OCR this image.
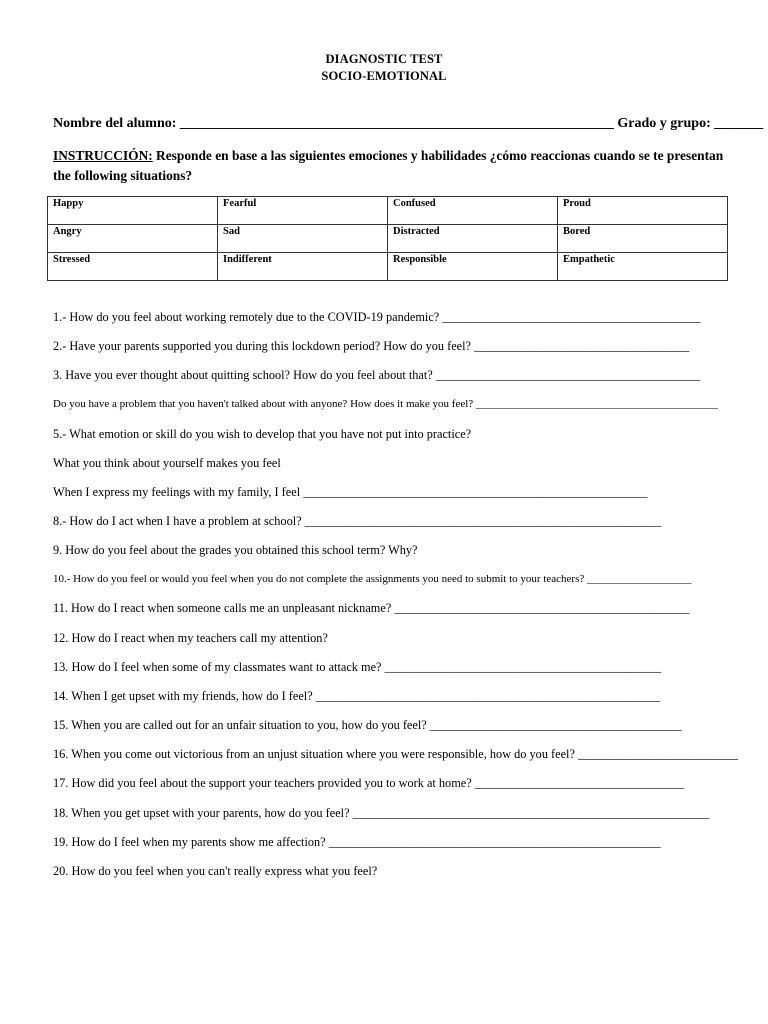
DIAGNOSTIC TEST
SOCIO-EMOTIONAL
Nombre del alumno: ______________________________________________________________ Grado y grupo: _______
INSTRUCCIÓN: Responde en base a las siguientes emociones y habilidades ¿cómo reaccionas cuando se te presentan the following situations?
Happy	Fearful	Confused	Proud
Angry	Sad	Distracted	Bored
Stressed	Indifferent	Responsible	Empathetic
1.- How do you feel about working remotely due to the COVID-19 pandemic? __________________________________________
2.- Have your parents supported you during this lockdown period? How do you feel? ___________________________________
3. Have you ever thought about quitting school? How do you feel about that? ___________________________________________
Do you have a problem that you haven't talked about with anyone? How does it make you feel? ____________________________________________
5.- What emotion or skill do you wish to develop that you have not put into practice?
What you think about yourself makes you feel
When I express my feelings with my family, I feel ________________________________________________________
8.- How do I act when I have a problem at school? __________________________________________________________
9. How do you feel about the grades you obtained this school term? Why?
10.- How do you feel or would you feel when you do not complete the assignments you need to submit to your teachers? ___________________
11. How do I react when someone calls me an unpleasant nickname? ________________________________________________
12. How do I react when my teachers call my attention?
13. How do I feel when some of my classmates want to attack me? _____________________________________________
14. When I get upset with my friends, how do I feel? ________________________________________________________
15. When you are called out for an unfair situation to you, how do you feel? _________________________________________
16. When you come out victorious from an unjust situation where you were responsible, how do you feel? __________________________
17. How did you feel about the support your teachers provided you to work at home? __________________________________
18. When you get upset with your parents, how do you feel? __________________________________________________________
19. How do I feel when my parents show me affection? ______________________________________________________
20. How do you feel when you can't really express what you feel?
